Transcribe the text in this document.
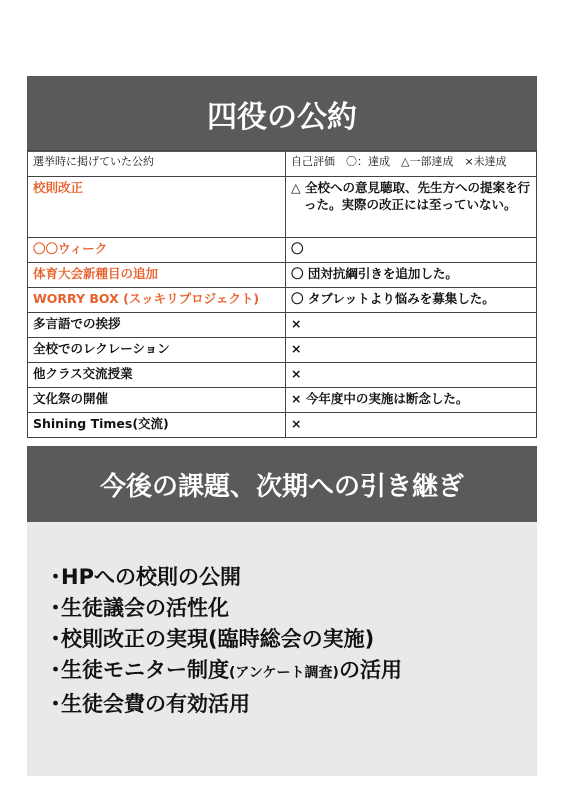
四役の公約
選挙時に掲げていた公約	自己評価　〇：達成　△一部達成　×未達成
校則改正	△ 全校への意見聴取、先生方への提案を行った。実際の改正には至っていない。
〇〇ウィーク	〇
体育大会新種目の追加	〇 団対抗綱引きを追加した。
WORRY BOX (スッキリプロジェクト)	〇 タブレットより悩みを募集した。
多言語での挨拶	×
全校でのレクレーション	×
他クラス交流授業	×
文化祭の開催	× 今年度中の実施は断念した。
Shining Times(交流)	×
今後の課題、次期への引き継ぎ
・HPへの校則の公開
・生徒議会の活性化
・校則改正の実現(臨時総会の実施)
・生徒モニター制度(アンケート調査)の活用
・生徒会費の有効活用
